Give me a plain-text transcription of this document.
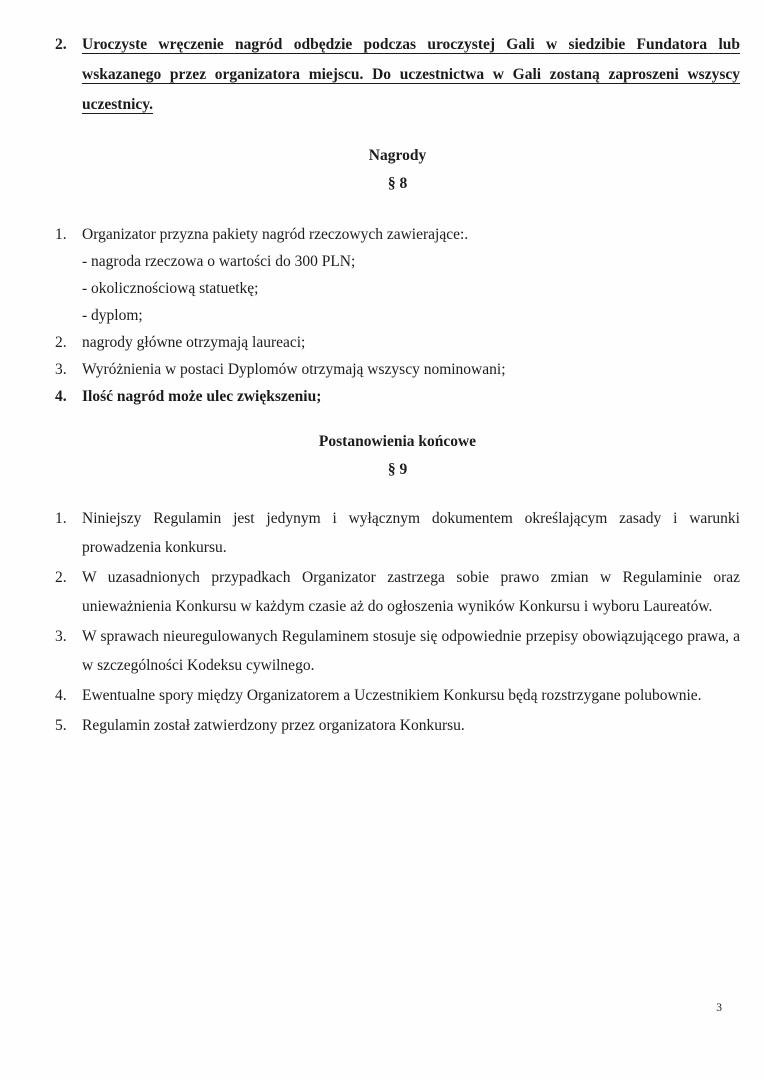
2. Uroczyste wręczenie nagród odbędzie podczas uroczystej Gali w siedzibie Fundatora lub wskazanego przez organizatora miejscu. Do uczestnictwa w Gali zostaną zaproszeni wszyscy uczestnicy.
Nagrody
§ 8
1. Organizator przyzna pakiety nagród rzeczowych zawierające:.
- nagroda rzeczowa o wartości do 300 PLN;
- okolicznościową statuetkę;
- dyplom;
2. nagrody główne otrzymają laureaci;
3. Wyróżnienia w postaci Dyplomów otrzymają wszyscy nominowani;
4. Ilość nagród może ulec zwiększeniu;
Postanowienia końcowe
§ 9
1. Niniejszy Regulamin jest jedynym i wyłącznym dokumentem określającym zasady i warunki prowadzenia konkursu.
2. W uzasadnionych przypadkach Organizator zastrzega sobie prawo zmian w Regulaminie oraz unieważnienia Konkursu w każdym czasie aż do ogłoszenia wyników Konkursu i wyboru Laureatów.
3. W sprawach nieuregulowanych Regulaminem stosuje się odpowiednie przepisy obowiązującego prawa, a w szczególności Kodeksu cywilnego.
4. Ewentualne spory między Organizatorem a Uczestnikiem Konkursu będą rozstrzygane polubownie.
5. Regulamin został zatwierdzony przez organizatora Konkursu.
3
